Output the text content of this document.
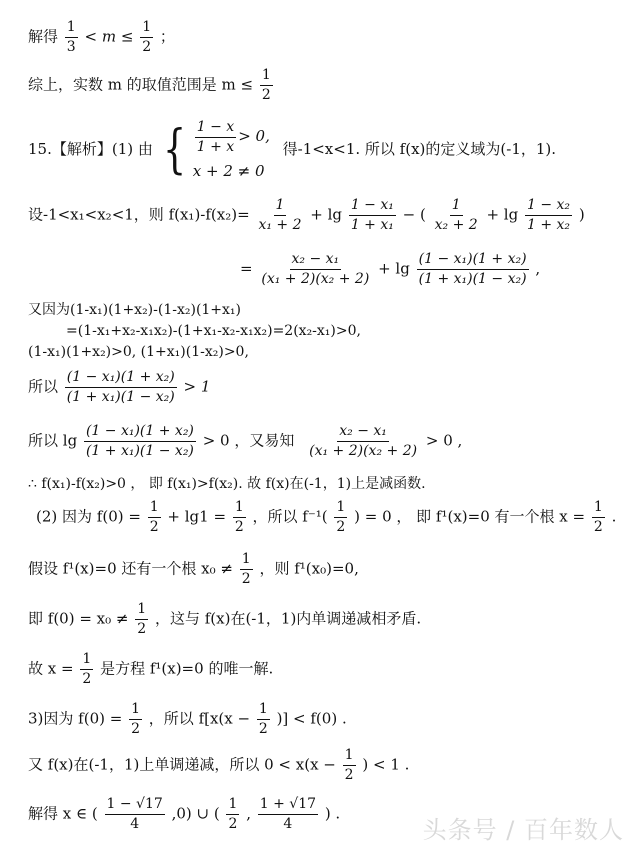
解得 $\frac{1}{3} < m \le \frac{1}{2}$ ；
综上，实数 m 的取值范围是 $m \le \frac{1}{2}$
15.【解析】(1) 由 { $\frac{1 - x}{1 + x} > 0$,
x + 2 ≠ 0
得-1<x<1. 所以 f(x)的定义域为(-1，1).
设-1<x₁<x₂<1，则 $f(x_1)-f(x_2)= \frac{1}{\text{x₁ + 2}} + \lg \frac{\text{1 − x₁}}{\text{1 + x₁}}$ − ( $\frac{1}{\text{x₂ + 2}} + \lg \frac{\text{1 − x₂}}{\text{1 + x₂}}$ )
= $\frac{\text{x₂ − x₁}}{\text{(x₁ + 2)(x₂ + 2)}} + \lg \frac{\text{(1 − x₁)(1 + x₂)}}{\text{(1 + x₁)(1 − x₂)}}$ ,
又因为(1-x₁)(1+x₂)-(1-x₂)(1+x₁)
=(1-x₁+x₂-x₁x₂)-(1+x₁-x₂-x₁x₂)=2(x₂-x₁)>0,
(1-x₁)(1+x₂)>0, (1+x₁)(1-x₂)>0,
所以 $\frac{\text{(1 − x₁)(1 + x₂)}}{\text{(1 + x₁)(1 − x₂)}} > 1$
所以 $\lg \frac{\text{(1 − x₁)(1 + x₂)}}{\text{(1 + x₁)(1 − x₂)}} > 0$ ，又易知 $\frac{\text{x₂ − x₁}}{\text{(x₁ + 2)(x₂ + 2)}} > 0$ ,
∴ f(x₁)-f(x₂)>0 ， 即 f(x₁)>f(x₂). 故 f(x)在(-1，1)上是减函数.
(2) 因为 $f(0) = \frac{1}{2} + \lg 1 = \frac{1}{2}$ ，所以 $f^{-1}( \frac{1}{2}$ ) = 0 ， 即 f¹(x)=0 有一个根 $x = \frac{1}{2}$ .
假设 f¹(x)=0 还有一个根 $x_0 \ne \frac{1}{2}$ ，则 f¹(x₀)=0,
即 $f(0) = x_0 \ne \frac{1}{2}$ ，这与 f(x)在(-1，1)内单调递减相矛盾.
故 $x = \frac{1}{2}$ 是方程 f¹(x)=0 的唯一解.
3)因为 $f(0) = \frac{1}{2}$ ，所以 $f[x(x - \frac{1}{2}$ )] < f(0) .
又 f(x)在(-1，1)上单调递减，所以 $0 < x(x - \frac{1}{2}$ ) < 1 .
解得 x ∈ ( $\frac{1 - √17}{4} ,0$) ∪ ( $\frac{1}{2}$ , $\frac{1 + √17}{4}$ ) .
头条号 / 百年数人
